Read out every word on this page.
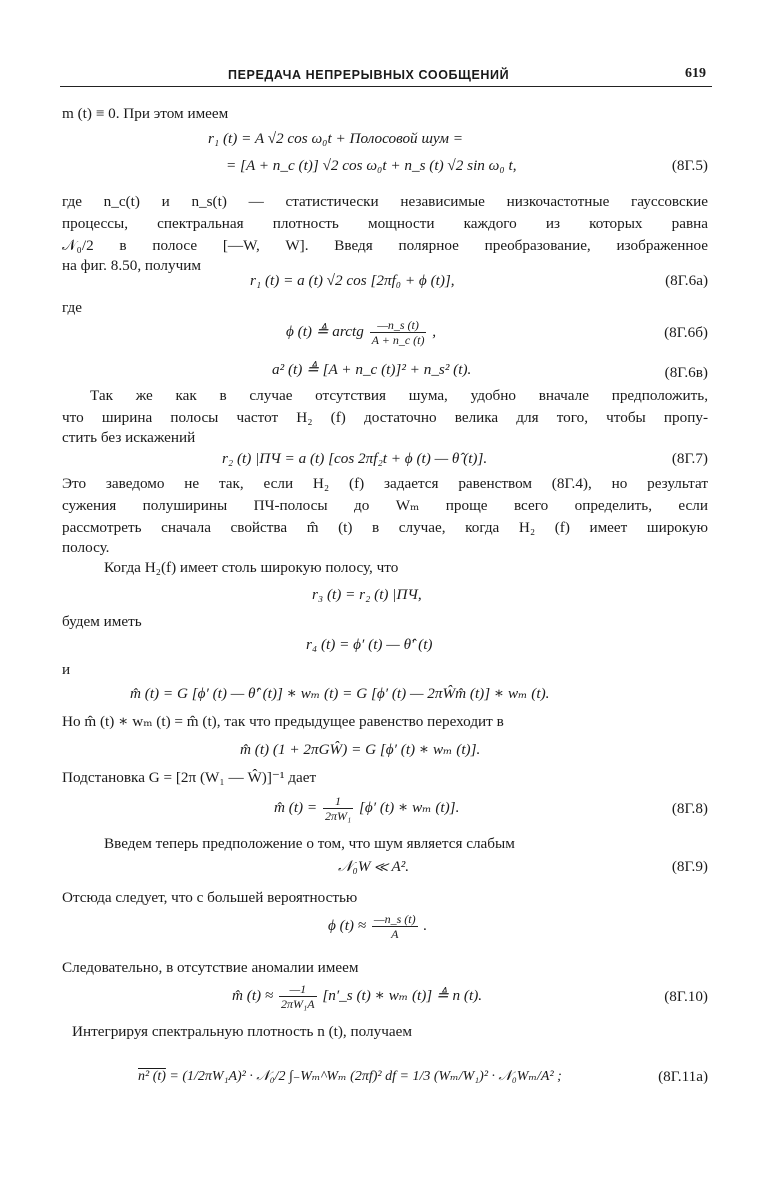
ПЕРЕДАЧА НЕПРЕРЫВНЫХ СООБЩЕНИЙ	619
m (t) ≡ 0. При этом имеем
r₁ (t) = A √2 cos ω₀t + Полосовой шум =
= [A + n_c (t)] √2 cos ω₀t + n_s (t) √2 sin ω₀ t,	(8Г.5)
где n_c(t) и n_s(t) — статистически независимые низкочастотные гауссовские
процессы, спектральная плотность мощности каждого из которых равна
𝒩₀/2 в полосе [—W, W]. Введя полярное преобразование, изображенное
на фиг. 8.50, получим
r₁ (t) = a (t) √2 cos [2πf₀ + ϕ (t)],	(8Г.6а)
где
ϕ (t) ≜ arctg $\frac{—n\_s (t)}{A + n\_c (t)}$ ,	(8Г.6б)
a² (t) ≜ [A + n_c (t)]² + n_s² (t).	(8Г.6в)
Так же как в случае отсутствия шума, удобно вначале предположить,
что ширина полосы частот H₂ (f) достаточно велика для того, чтобы пропу-
стить без искажений
r₂ (t) |ПЧ = a (t) [cos 2πf₂t + ϕ (t) — θ̂ (t)].	(8Г.7)
Это заведомо не так, если H₂ (f) задается равенством (8Г.4), но результат
сужения полуширины ПЧ-полосы до Wₘ проще всего определить, если
рассмотреть сначала свойства m̂ (t) в случае, когда H₂ (f) имеет широкую
полосу.
Когда H₂(f) имеет столь широкую полосу, что
r₃ (t) = r₂ (t) |ПЧ,
будем иметь
r₄ (t) = ϕ′ (t) — θ̂′ (t)
и
m̂ (t) = G [ϕ′ (t) — θ̂′ (t)] ∗ wₘ (t) = G [ϕ′ (t) — 2πŴm̂ (t)] ∗ wₘ (t).
Но m̂ (t) ∗ wₘ (t) = m̂ (t), так что предыдущее равенство переходит в
m̂ (t) (1 + 2πGŴ) = G [ϕ′ (t) ∗ wₘ (t)].
Подстановка G = [2π (W₁ — Ŵ)]⁻¹ дает
m̂ $(t) = \frac{1}{\text{2πW₁}} [\phi'$ (t) ∗ wₘ (t)].	(8Г.8)
Введем теперь предположение о том, что шум является слабым
𝒩₀W ≪ A².	(8Г.9)
Отсюда следует, что с большей вероятностью
ϕ $(t) \approx \frac{—n\_s (t)}{A}$ .
Следовательно, в отсутствие аномалии имеем
m̂ $(t) \approx \frac{—1}{\text{2πW₁A}}$ [n′_s (t) ∗ wₘ (t)] ≜ n (t).	(8Г.10)
Интегрируя спектральную плотность n (t), получаем
n² (t) = (1/2πW₁A)² · 𝒩₀/2 ∫₋Wₘ^Wₘ (2πf)² df = 1/3 (Wₘ/W₁)² · 𝒩₀Wₘ/A² ;	(8Г.11а)
